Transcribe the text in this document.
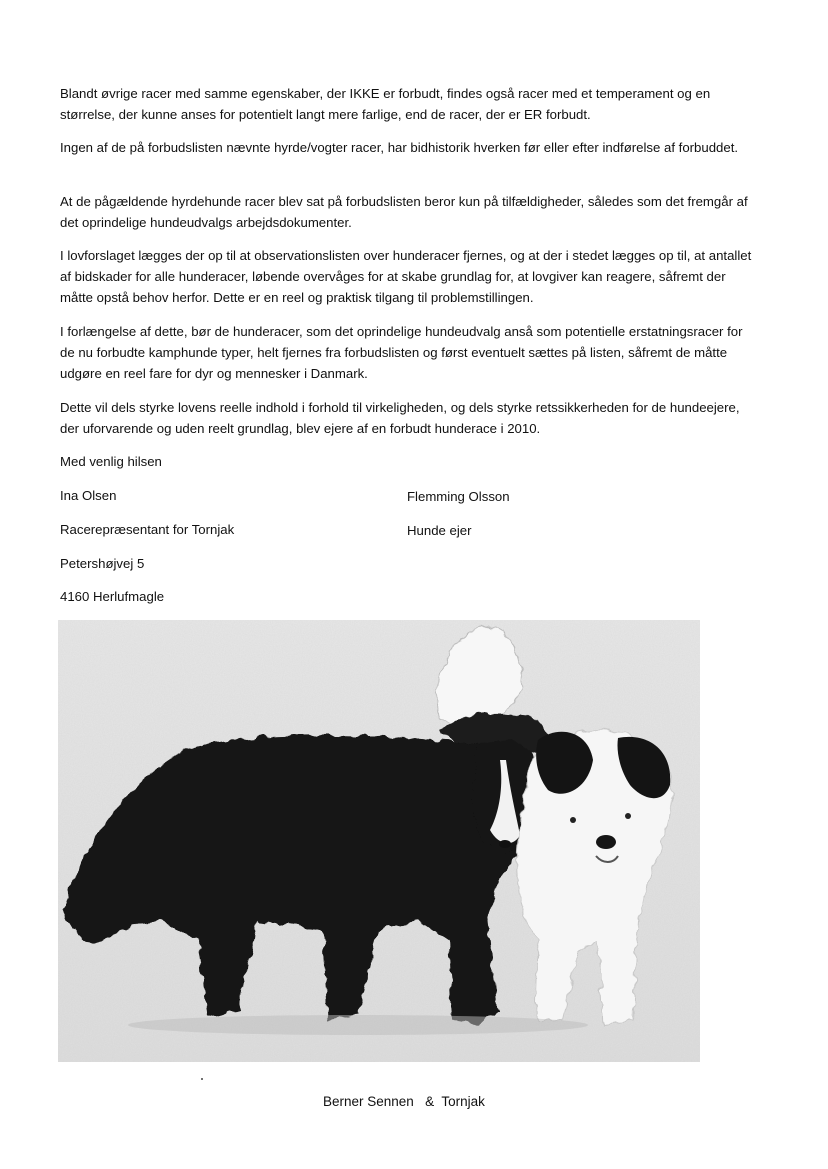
Blandt øvrige racer med samme egenskaber, der IKKE er forbudt, findes også racer med et temperament og en størrelse, der kunne anses for potentielt langt mere farlige, end de racer, der er ER forbudt.

Ingen af de på forbudslisten nævnte hyrde/vogter racer, har bidhistorik hverken før eller efter indførelse af forbuddet.

At de pågældende hyrdehunde racer blev sat på forbudslisten beror kun på tilfældigheder, således som det fremgår af det oprindelige hundeudvalgs arbejdsdokumenter.

I lovforslaget lægges der op til at observationslisten over hunderacer fjernes, og at der i stedet lægges op til, at antallet af bidskader for alle hunderacer, løbende overvåges for at skabe grundlag for, at lovgiver kan reagere, såfremt der måtte opstå behov herfor. Dette er en reel og praktisk tilgang til problemstillingen.

I forlængelse af dette, bør de hunderacer, som det oprindelige hundeudvalg anså som potentielle erstatningsracer for de nu forbudte kamphunde typer, helt fjernes fra forbudslisten og først eventuelt sættes på listen, såfremt de måtte udgøre en reel fare for dyr og mennesker i Danmark.

Dette vil dels styrke lovens reelle indhold i forhold til virkeligheden, og dels styrke retssikkerheden for de hundeejere, der uforvarende og uden reelt grundlag, blev ejere af en forbudt hunderace i 2010.

Med venlig hilsen

Ina Olsen	Flemming Olsson

Racerepræsentant for Tornjak	Hunde ejer

Petershøjvej 5

4160 Herlufmagle

Berner Sennen   &  Tornjak
